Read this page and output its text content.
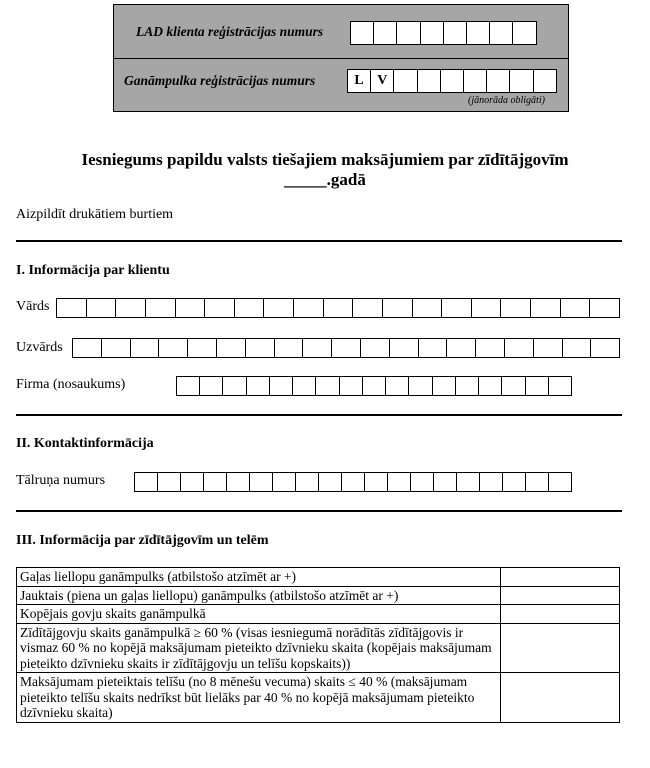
LAD klienta reģistrācijas numurs
Ganāmpulka reģistrācijas numurs	L V
(jānorāda obligāti)
Iesniegums papildu valsts tiešajiem maksājumiem par zīdītājgovīm
_____.gadā
Aizpildīt drukātiem burtiem
I. Informācija par klientu
Vārds
Uzvārds
Firma (nosaukums)
II. Kontaktinformācija
Tālruņa numurs
III. Informācija par zīdītājgovīm un telēm
Gaļas liellopu ganāmpulks (atbilstošo atzīmēt ar +)	
Jauktais (piena un gaļas liellopu) ganāmpulks (atbilstošo atzīmēt ar +)	
Kopējais govju skaits ganāmpulkā	
Zīdītājgovju skaits ganāmpulkā ≥ 60 % (visas iesniegumā norādītās zīdītājgovis ir vismaz 60 % no kopējā maksājumam pieteikto dzīvnieku skaita (kopējais maksājumam pieteikto dzīvnieku skaits ir zīdītājgovju un telīšu kopskaits))	
Maksājumam pieteiktais telīšu (no 8 mēnešu vecuma) skaits ≤ 40 % (maksājumam pieteikto telīšu skaits nedrīkst būt lielāks par 40 % no kopējā maksājumam pieteikto dzīvnieku skaita)	
